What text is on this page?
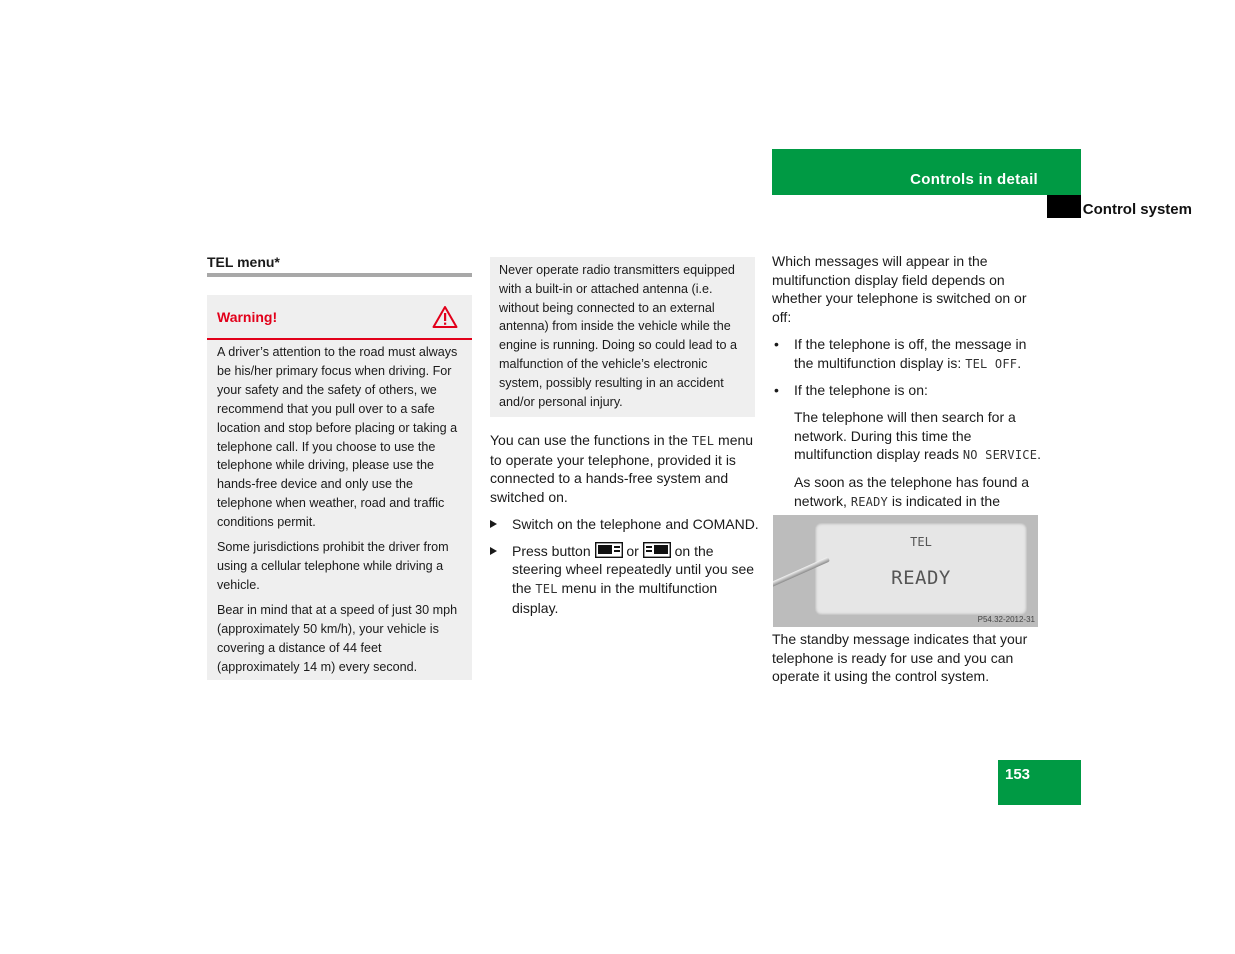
Controls in detail
Control system
TEL menu*
Warning!

A driver’s attention to the road must always be his/her primary focus when driving. For your safety and the safety of others, we recommend that you pull over to a safe location and stop before placing or taking a telephone call. If you choose to use the telephone while driving, please use the hands-free device and only use the telephone when weather, road and traffic conditions permit.

Some jurisdictions prohibit the driver from using a cellular telephone while driving a vehicle.

Bear in mind that at a speed of just 30 mph (approximately 50 km/h), your vehicle is covering a distance of 44 feet (approximately 14 m) every second.

Never operate radio transmitters equipped with a built-in or attached antenna (i.e. without being connected to an external antenna) from inside the vehicle while the engine is running. Doing so could lead to a malfunction of the vehicle’s electronic system, possibly resulting in an accident and/or personal injury.

You can use the functions in the TEL menu to operate your telephone, provided it is connected to a hands-free system and switched on.

Switch on the telephone and COMAND.
Press button  or  on the steering wheel repeatedly until you see the TEL menu in the multifunction display.

Which messages will appear in the multifunction display field depends on whether your telephone is switched on or off:

• If the telephone is off, the message in the multifunction display is: TEL OFF.
• If the telephone is on:

The telephone will then search for a network. During this time the multifunction display reads NO SERVICE.

As soon as the telephone has found a network, READY is indicated in the

TEL
READY
P54.32-2012-31

The standby message indicates that your telephone is ready for use and you can operate it using the control system.

153
